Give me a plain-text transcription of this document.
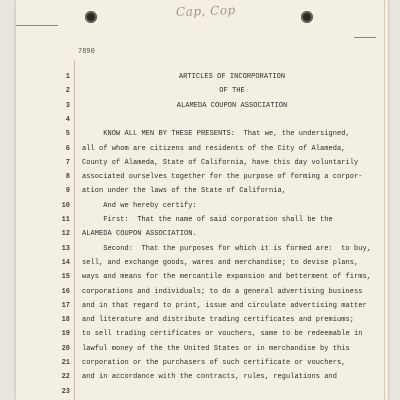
Cap, Cop
7890
1	ARTICLES OF INCORPORATION
2	OF THE
3	ALAMEDA COUPON ASSOCIATION
4
5 KNOW ALL MEN BY THESE PRESENTS:  That we, the undersigned,
6 all of whom are citizens and residents of the City of Alameda,
7 County of Alameda, State of California, have this day voluntarily
8 associated ourselves together for the purpose of forming a corpor-
9 ation under the laws of the State of California,
10 And we hereby certify:
11 First:  That the name of said corporation shall be the
12 ALAMEDA COUPON ASSOCIATION.
13 Second:  That the purposes for which it is formed are:  to buy,
14 sell, and exchange goods, wares and merchandise; to devise plans,
15 ways and means for the mercantile expansion and betterment of firms,
16 corporations and individuals; to do a general advertising business
17 and in that regard to print, issue and circulate advertising matter
18 and literature and distribute trading certificates and premiums;
19 to sell trading certificates or vouchers, same to be redeemable in
20 lawful money of the the United States or in merchandise by this
21 corporation or the purchasers of such certificate or vouchers,
22 and in accordance with the contracts, rules, regulations and
23
